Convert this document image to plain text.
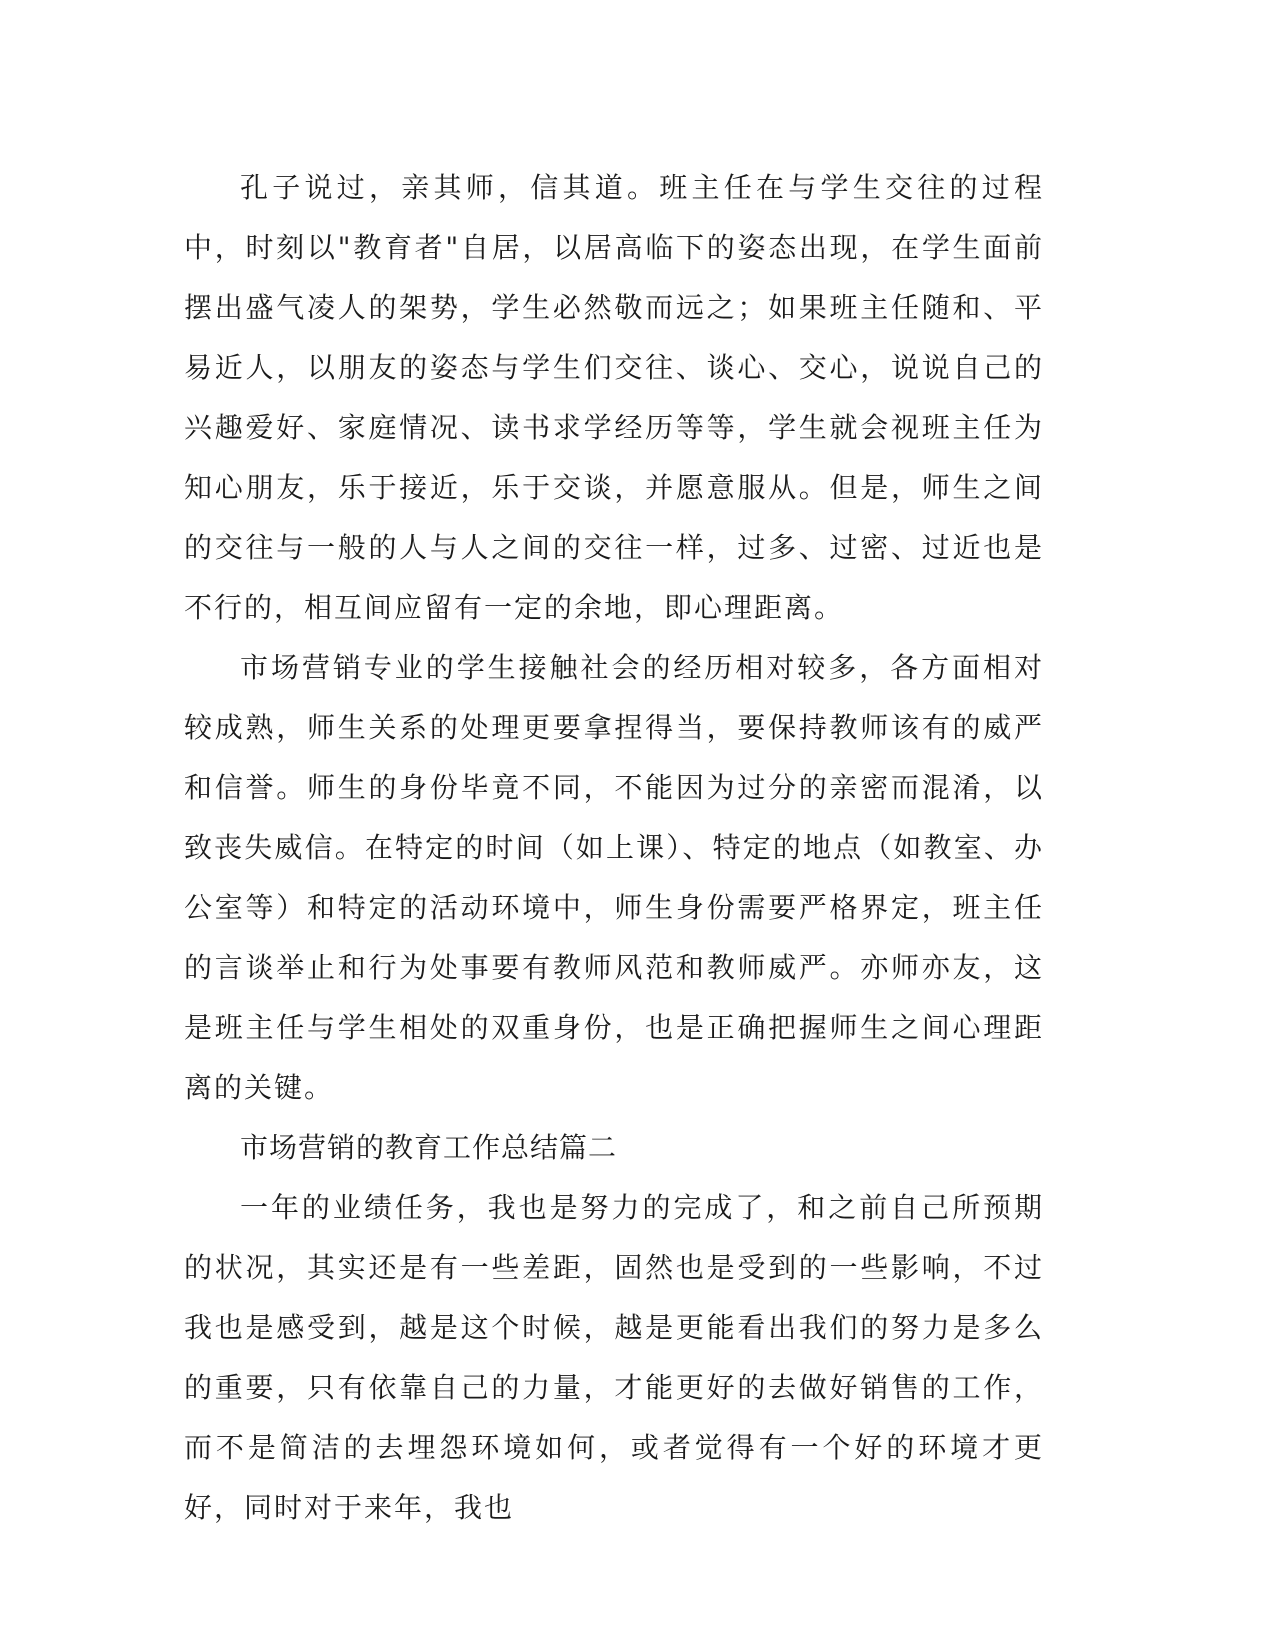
孔子说过，亲其师，信其道。班主任在与学生交往的过程中，时刻以"教育者"自居，以居高临下的姿态出现，在学生面前摆出盛气凌人的架势，学生必然敬而远之；如果班主任随和、平易近人，以朋友的姿态与学生们交往、谈心、交心，说说自己的兴趣爱好、家庭情况、读书求学经历等等，学生就会视班主任为知心朋友，乐于接近，乐于交谈，并愿意服从。但是，师生之间的交往与一般的人与人之间的交往一样，过多、过密、过近也是不行的，相互间应留有一定的余地，即心理距离。

市场营销专业的学生接触社会的经历相对较多，各方面相对较成熟，师生关系的处理更要拿捏得当，要保持教师该有的威严和信誉。师生的身份毕竟不同，不能因为过分的亲密而混淆，以致丧失威信。在特定的时间（如上课）、特定的地点（如教室、办公室等）和特定的活动环境中，师生身份需要严格界定，班主任的言谈举止和行为处事要有教师风范和教师威严。亦师亦友，这是班主任与学生相处的双重身份，也是正确把握师生之间心理距离的关键。

市场营销的教育工作总结篇二

一年的业绩任务，我也是努力的完成了，和之前自己所预期的状况，其实还是有一些差距，固然也是受到的一些影响，不过我也是感受到，越是这个时候，越是更能看出我们的努力是多么的重要，只有依靠自己的力量，才能更好的去做好销售的工作，而不是简洁的去埋怨环境如何，或者觉得有一个好的环境才更好，同时对于来年，我也
